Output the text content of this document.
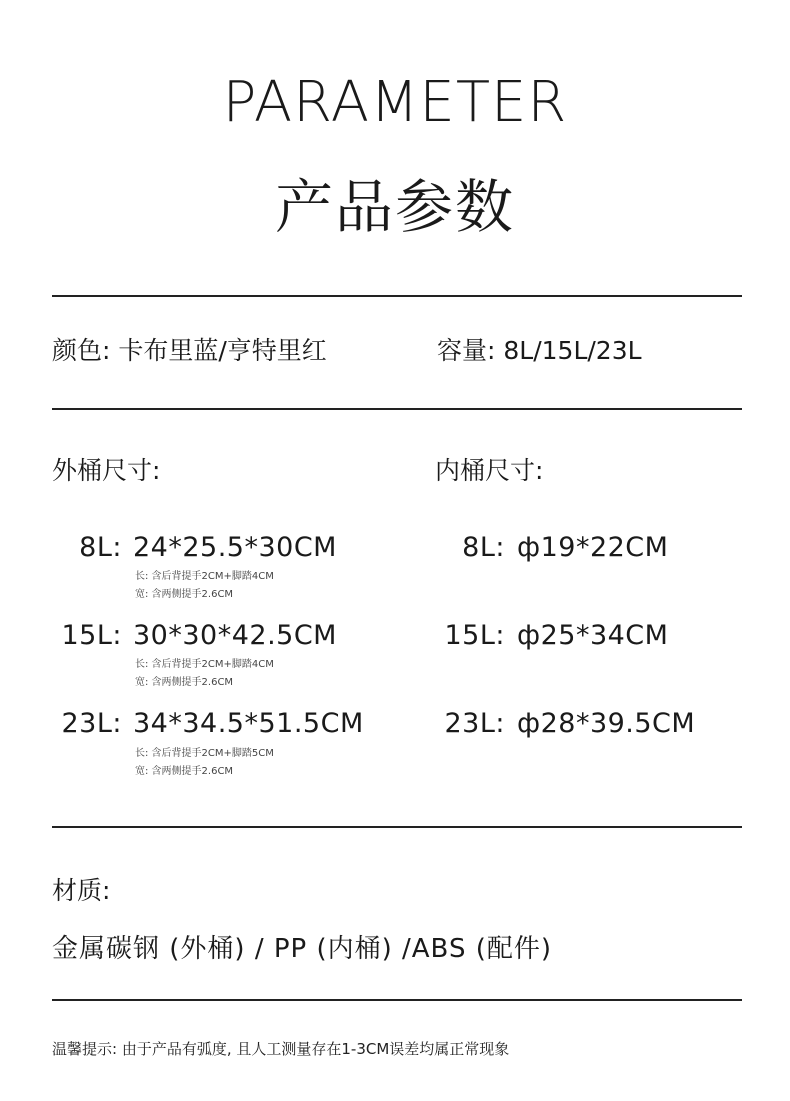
PARAMETER
产品参数
颜色: 卡布里蓝/亨特里红	容量: 8L/15L/23L
外桶尺寸:	内桶尺寸:
8L: 24*25.5*30CM
长: 含后背提手2CM+脚踏4CM
宽: 含两侧提手2.6CM
15L: 30*30*42.5CM
长: 含后背提手2CM+脚踏4CM
宽: 含两侧提手2.6CM
23L: 34*34.5*51.5CM
长: 含后背提手2CM+脚踏5CM
宽: 含两侧提手2.6CM
8L: ф19*22CM
15L: ф25*34CM
23L: ф28*39.5CM
材质:
金属碳钢 (外桶) / PP (内桶) /ABS (配件)
温馨提示: 由于产品有弧度, 且人工测量存在1-3CM误差均属正常现象
